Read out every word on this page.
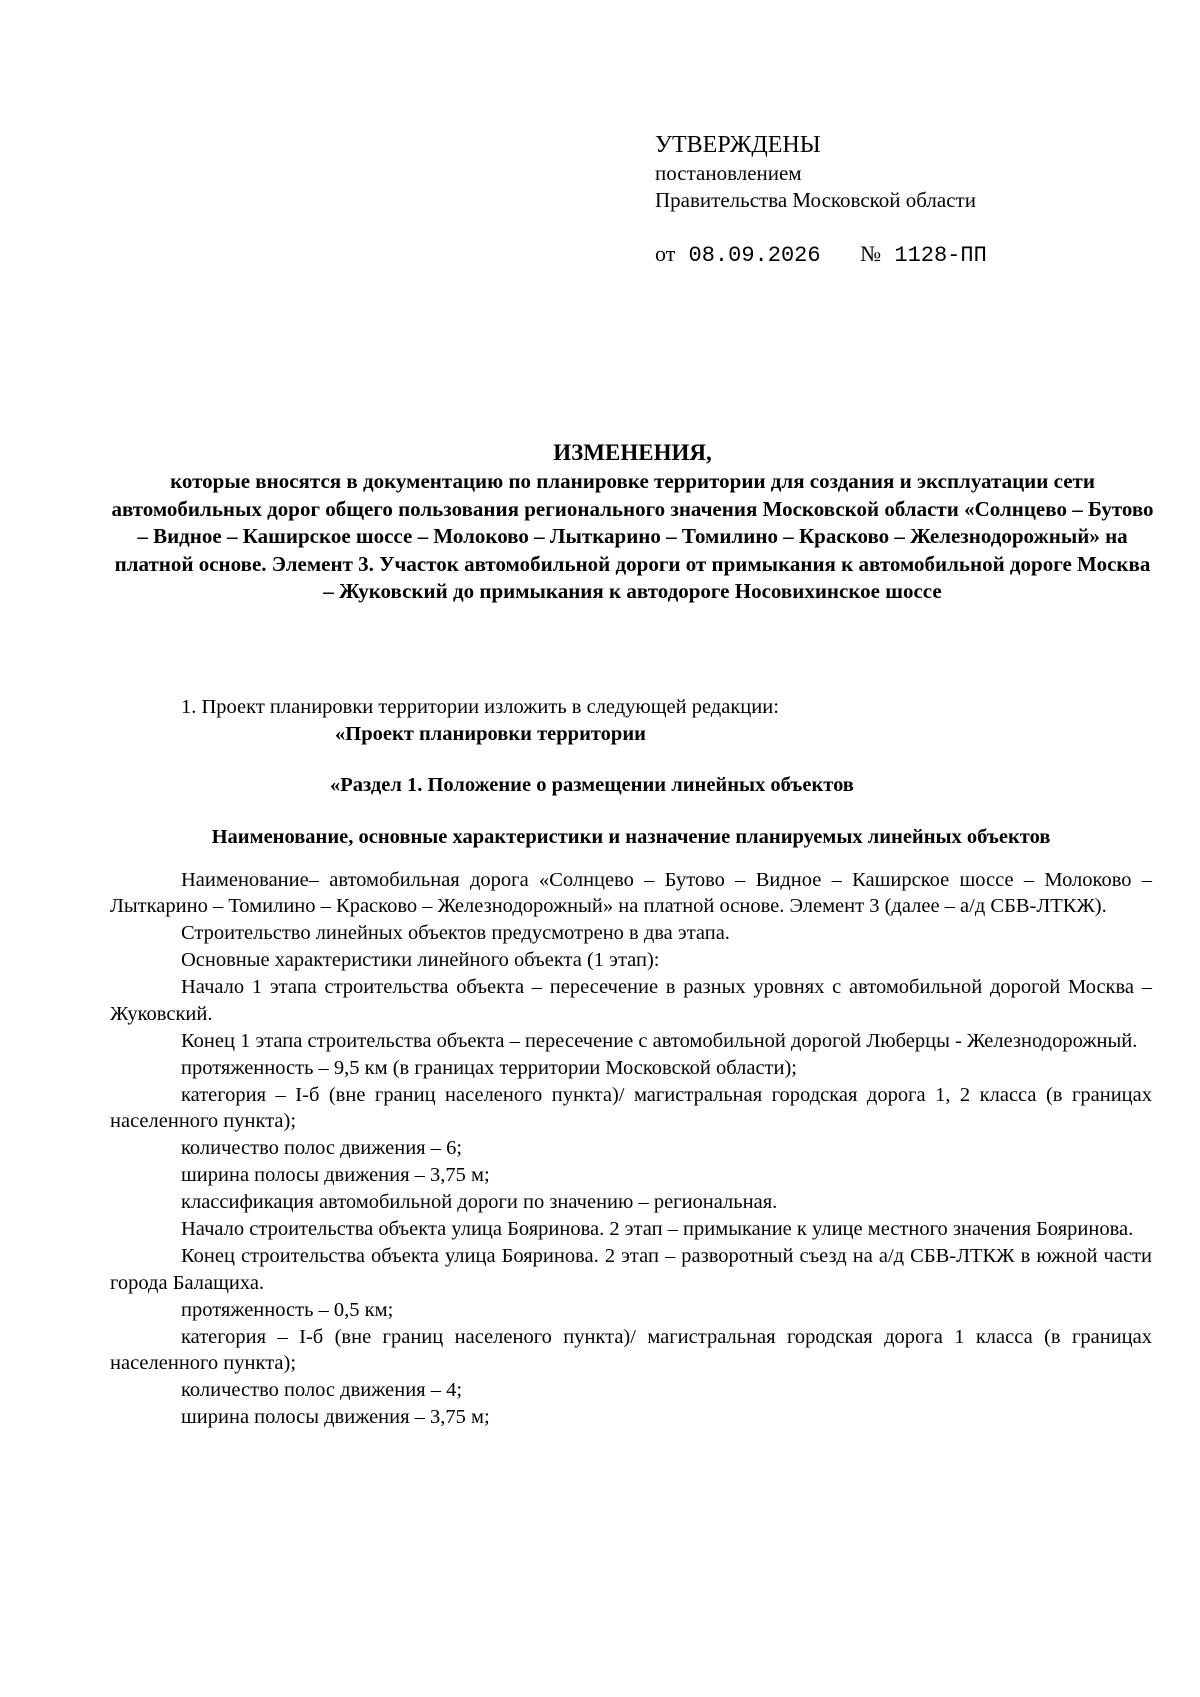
УТВЕРЖДЕНЫ
постановлением
Правительства Московской области
от 08.09.2026 № 1128-ПП
ИЗМЕНЕНИЯ,
которые вносятся в документацию по планировке территории для создания и эксплуатации сети автомобильных дорог общего пользования регионального значения Московской области «Солнцево – Бутово – Видное – Каширское шоссе – Молоково – Лыткарино – Томилино – Красково – Железнодорожный» на платной основе. Элемент 3. Участок автомобильной дороги от примыкания к автомобильной дороге Москва – Жуковский до примыкания к автодороге Носовихинское шоссе

1. Проект планировки территории изложить в следующей редакции:

«Проект планировки территории
«Раздел 1. Положение о размещении линейных объектов
Наименование, основные характеристики и назначение планируемых линейных объектов

Наименование– автомобильная дорога «Солнцево – Бутово – Видное – Каширское шоссе – Молоково – Лыткарино – Томилино – Красково – Железнодорожный» на платной основе. Элемент 3 (далее – а/д СБВ-ЛТКЖ).

Строительство линейных объектов предусмотрено в два этапа.

Основные характеристики линейного объекта (1 этап):

Начало 1 этапа строительства объекта – пересечение в разных уровнях с автомобильной дорогой Москва – Жуковский.

Конец 1 этапа строительства объекта – пересечение с автомобильной дорогой Люберцы - Железнодорожный.

протяженность – 9,5 км (в границах территории Московской области);

категория – I-б (вне границ населеного пункта)/ магистральная городская дорога 1, 2 класса (в границах населенного пункта);

количество полос движения – 6;

ширина полосы движения – 3,75 м;

классификация автомобильной дороги по значению – региональная.

Начало строительства объекта улица Бояринова. 2 этап – примыкание к улице местного значения Бояринова.

Конец строительства объекта улица Бояринова. 2 этап – разворотный съезд на а/д СБВ-ЛТКЖ в южной части города Балащиха.

протяженность – 0,5 км;

категория – I-б (вне границ населеного пункта)/ магистральная городская дорога 1 класса (в границах населенного пункта);

количество полос движения – 4;

ширина полосы движения – 3,75 м;
